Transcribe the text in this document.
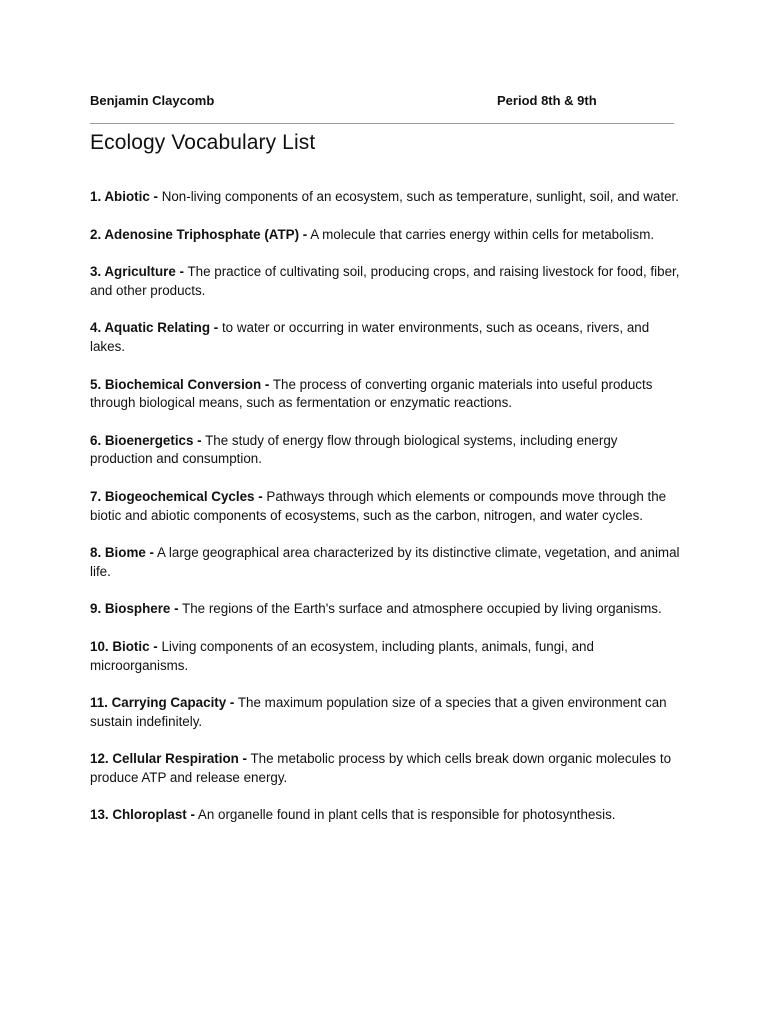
Benjamin Claycomb	Period 8th & 9th
Ecology Vocabulary List
1. Abiotic - Non-living components of an ecosystem, such as temperature, sunlight, soil, and water.
2. Adenosine Triphosphate (ATP) - A molecule that carries energy within cells for metabolism.
3. Agriculture - The practice of cultivating soil, producing crops, and raising livestock for food, fiber, and other products.
4. Aquatic Relating - to water or occurring in water environments, such as oceans, rivers, and lakes.
5. Biochemical Conversion - The process of converting organic materials into useful products through biological means, such as fermentation or enzymatic reactions.
6. Bioenergetics - The study of energy flow through biological systems, including energy production and consumption.
7. Biogeochemical Cycles - Pathways through which elements or compounds move through the biotic and abiotic components of ecosystems, such as the carbon, nitrogen, and water cycles.
8. Biome - A large geographical area characterized by its distinctive climate, vegetation, and animal life.
9. Biosphere - The regions of the Earth's surface and atmosphere occupied by living organisms.
10. Biotic - Living components of an ecosystem, including plants, animals, fungi, and microorganisms.
11. Carrying Capacity - The maximum population size of a species that a given environment can sustain indefinitely.
12. Cellular Respiration - The metabolic process by which cells break down organic molecules to produce ATP and release energy.
13. Chloroplast - An organelle found in plant cells that is responsible for photosynthesis.
